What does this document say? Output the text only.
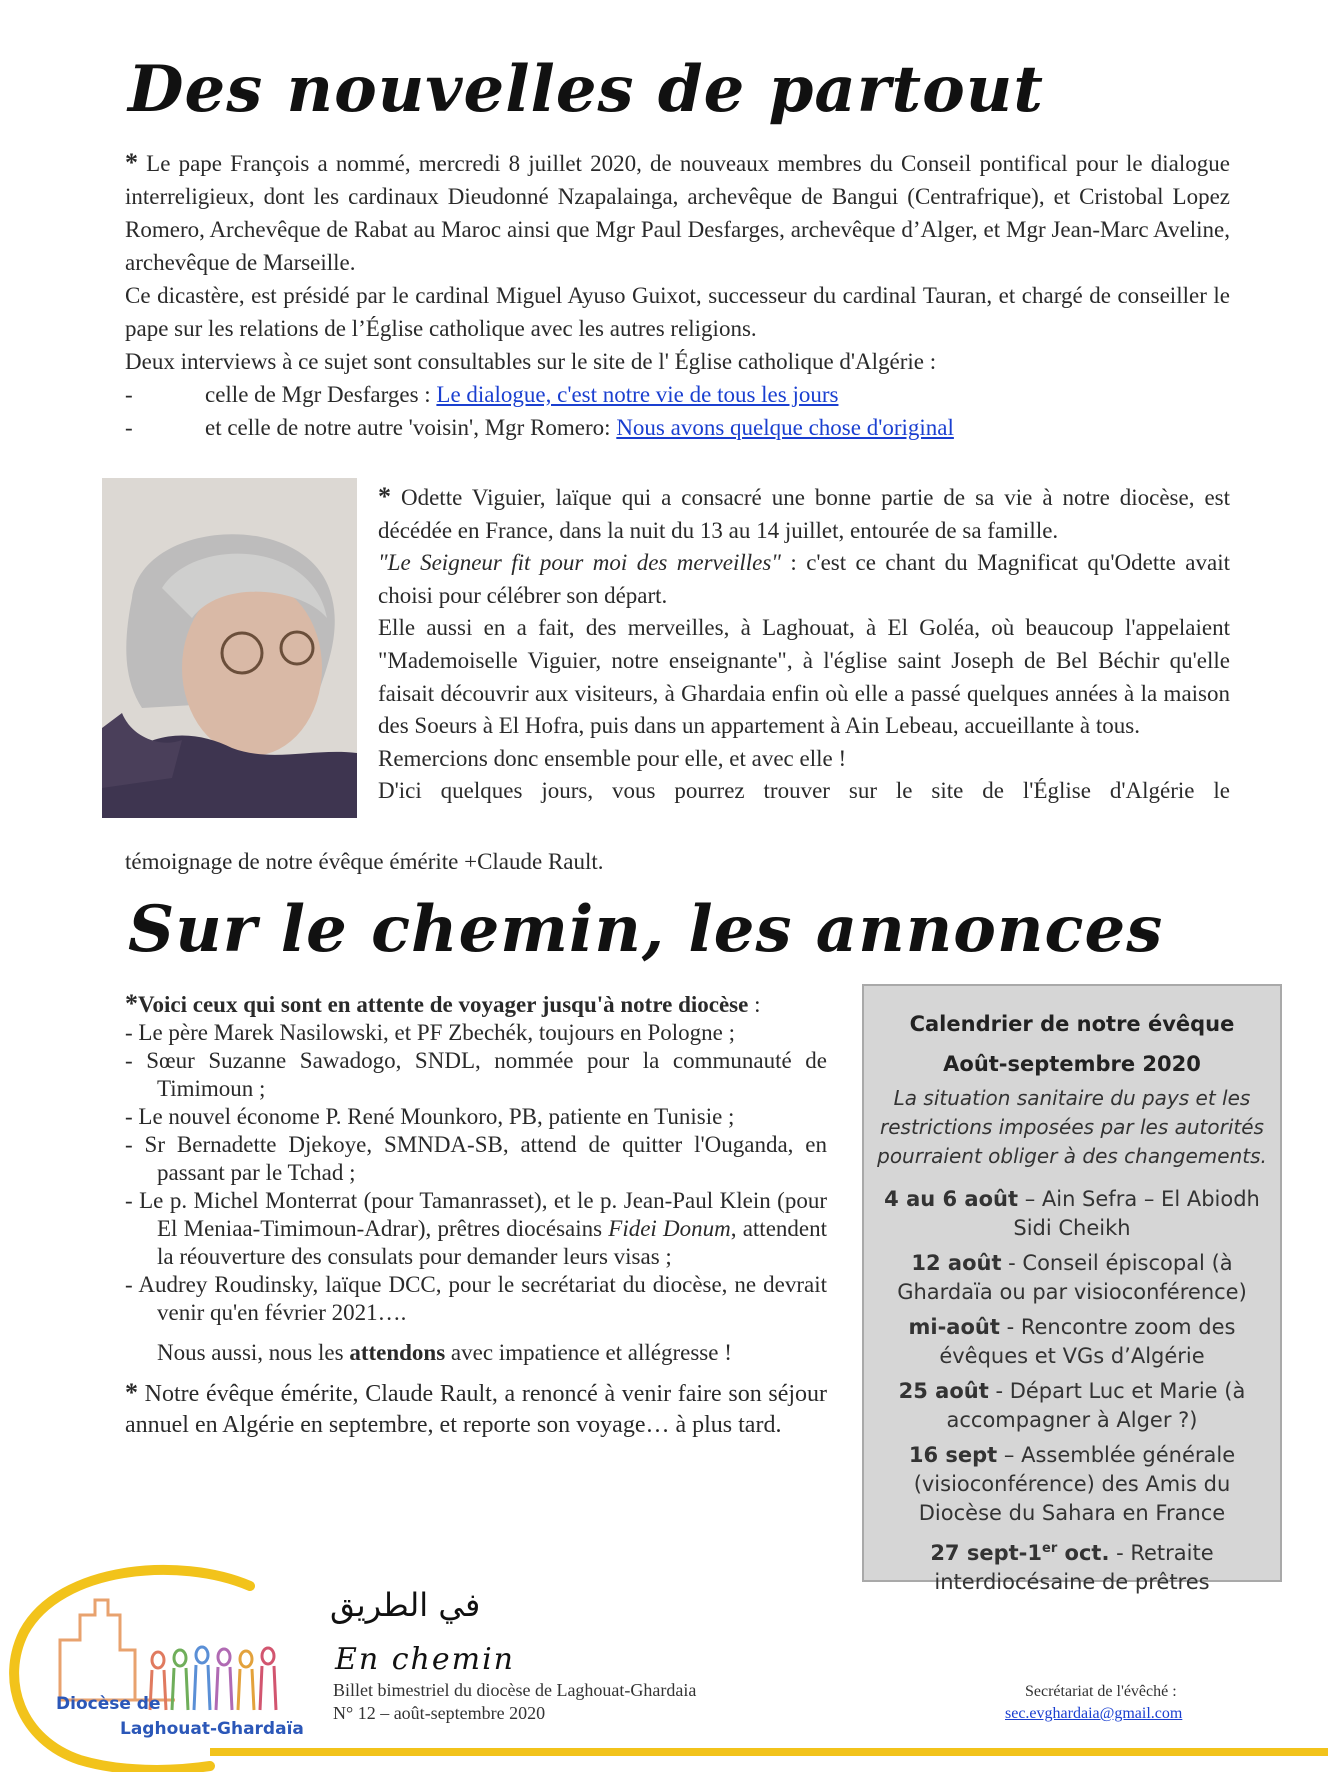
Des nouvelles de partout

* Le pape François a nommé, mercredi 8 juillet 2020, de nouveaux membres du Conseil pontifical pour le dialogue interreligieux, dont les cardinaux Dieudonné Nzapalainga, archevêque de Bangui (Centrafrique), et Cristobal Lopez Romero, Archevêque de Rabat au Maroc ainsi que Mgr Paul Desfarges, archevêque d’Alger, et Mgr Jean-Marc Aveline, archevêque de Marseille.

Ce dicastère, est présidé par le cardinal Miguel Ayuso Guixot, successeur du cardinal Tauran, et chargé de conseiller le pape sur les relations de l’Église catholique avec les autres religions.

Deux interviews à ce sujet sont consultables sur le site de l' Église catholique d'Algérie :

-	celle de Mgr Desfarges : Le dialogue, c'est notre vie de tous les jours
-	et celle de notre autre 'voisin', Mgr Romero: Nous avons quelque chose d'original

* Odette Viguier, laïque qui a consacré une bonne partie de sa vie à notre diocèse, est décédée en France, dans la nuit du 13 au 14 juillet, entourée de sa famille.

"Le Seigneur fit pour moi des merveilles" : c'est ce chant du Magnificat qu'Odette avait choisi pour célébrer son départ.

Elle aussi en a fait, des merveilles, à Laghouat, à El Goléa, où beaucoup l'appelaient "Mademoiselle Viguier, notre enseignante", à l'église saint Joseph de Bel Béchir qu'elle faisait découvrir aux visiteurs, à Ghardaia enfin où elle a passé quelques années à la maison des Soeurs à El Hofra, puis dans un appartement à Ain Lebeau, accueillante à tous.

Remercions donc ensemble pour elle, et avec elle !

D'ici quelques jours, vous pourrez trouver sur le site de l'Église d'Algérie le

témoignage de notre évêque émérite +Claude Rault.
Sur le chemin, les annonces

*Voici ceux qui sont en attente de voyager jusqu'à notre diocèse :

- Le père Marek Nasilowski, et PF Zbechék, toujours en Pologne ;

- Sœur Suzanne Sawadogo, SNDL, nommée pour la communauté de Timimoun ;

- Le nouvel économe P. René Mounkoro, PB, patiente en Tunisie ;

- Sr Bernadette Djekoye, SMNDA-SB, attend de quitter l'Ouganda, en passant par le Tchad ;

- Le p. Michel Monterrat (pour Tamanrasset), et le p. Jean-Paul Klein (pour El Meniaa-Timimoun-Adrar), prêtres diocésains Fidei Donum, attendent la réouverture des consulats pour demander leurs visas ;

- Audrey Roudinsky, laïque DCC, pour le secrétariat du diocèse, ne devrait venir qu'en février 2021….

Nous aussi, nous les attendons avec impatience et allégresse !

* Notre évêque émérite, Claude Rault, a renoncé à venir faire son séjour annuel en Algérie en septembre, et reporte son voyage… à plus tard.

Calendrier de notre évêque
Août-septembre 2020
La situation sanitaire du pays et les restrictions imposées par les autorités pourraient obliger à des changements.
4 au 6 août – Ain Sefra – El Abiodh Sidi Cheikh
12 août - Conseil épiscopal (à Ghardaïa ou par visioconférence)
mi-août - Rencontre zoom des évêques et VGs d’Algérie
25 août - Départ Luc et Marie (à accompagner à Alger ?)
16 sept – Assemblée générale (visioconférence) des Amis du Diocèse du Sahara en France
27 sept-1er oct. - Retraite interdiocésaine de prêtres
Diocèse de
Laghouat-Ghardaïa
في الطريق
En chemin
Billet bimestriel du diocèse de Laghouat-Ghardaia
N° 12 – août-septembre 2020
Secrétariat de l'évêché :
sec.evghardaia@gmail.com
